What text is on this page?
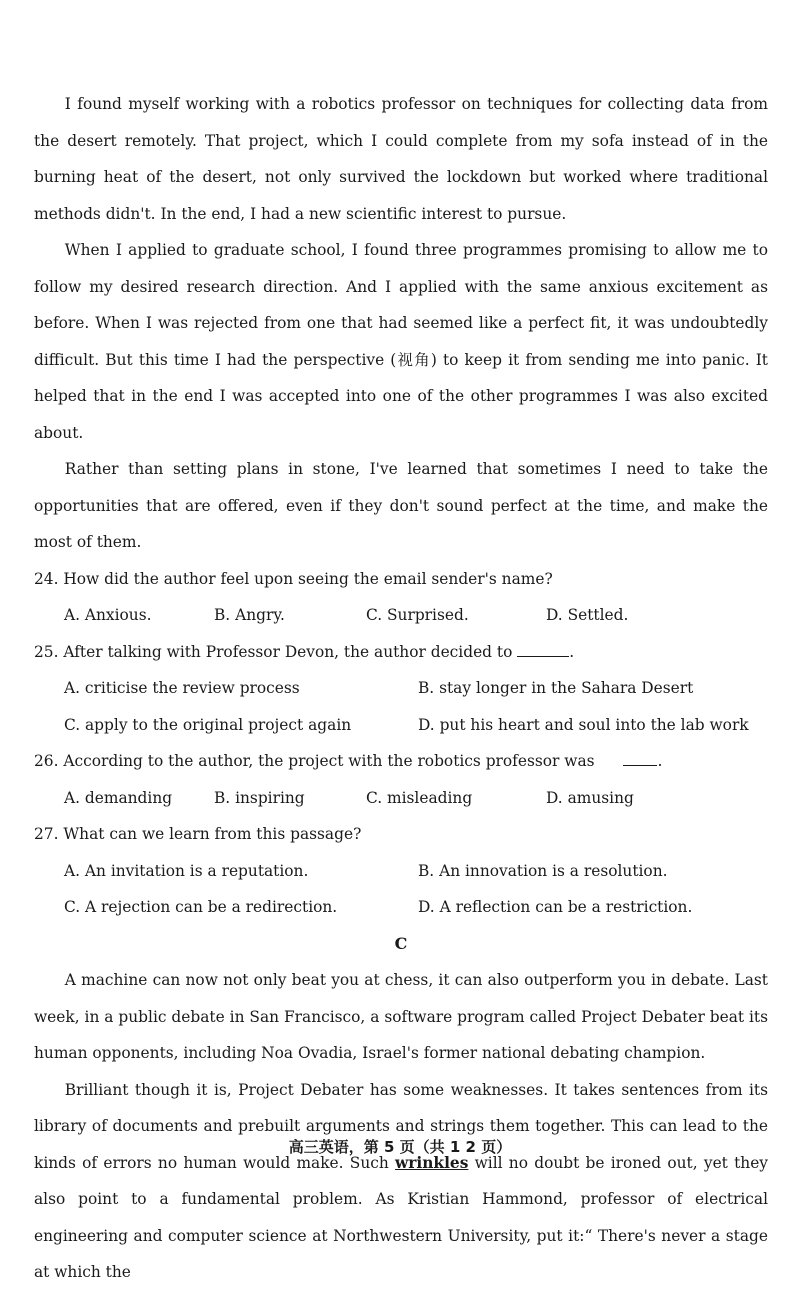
I found myself working with a robotics professor on techniques for collecting data from the desert remotely. That project, which I could complete from my sofa instead of in the burning heat of the desert, not only survived the lockdown but worked where traditional methods didn't. In the end, I had a new scientific interest to pursue.

When I applied to graduate school, I found three programmes promising to allow me to follow my desired research direction. And I applied with the same anxious excitement as before. When I was rejected from one that had seemed like a perfect fit, it was undoubtedly difficult. But this time I had the perspective (视角) to keep it from sending me into panic. It helped that in the end I was accepted into one of the other programmes I was also excited about.

Rather than setting plans in stone, I've learned that sometimes I need to take the opportunities that are offered, even if they don't sound perfect at the time, and make the most of them.

24. How did the author feel upon seeing the email sender's name?

A. Anxious.	B. Angry.	C. Surprised.	D. Settled.

25. After talking with Professor Devon, the author decided to	.

A. criticise the review process	B. stay longer in the Sahara Desert
C. apply to the original project again	D. put his heart and soul into the lab work

26. According to the author, the project with the robotics professor was	.

A. demanding	B. inspiring	C. misleading	D. amusing

27. What can we learn from this passage?

A. An invitation is a reputation.	B. An innovation is a resolution.
C. A rejection can be a redirection.	D. A reflection can be a restriction.

C

A machine can now not only beat you at chess, it can also outperform you in debate. Last week, in a public debate in San Francisco, a software program called Project Debater beat its human opponents, including Noa Ovadia, Israel's former national debating champion.

Brilliant though it is, Project Debater has some weaknesses. It takes sentences from its library of documents and prebuilt arguments and strings them together. This can lead to the kinds of errors no human would make. Such wrinkles will no doubt be ironed out, yet they also point to a fundamental problem. As Kristian Hammond, professor of electrical engineering and computer science at Northwestern University, put it:“ There's never a stage at which the

高三英语，第 5 页（共 1 2 页）
